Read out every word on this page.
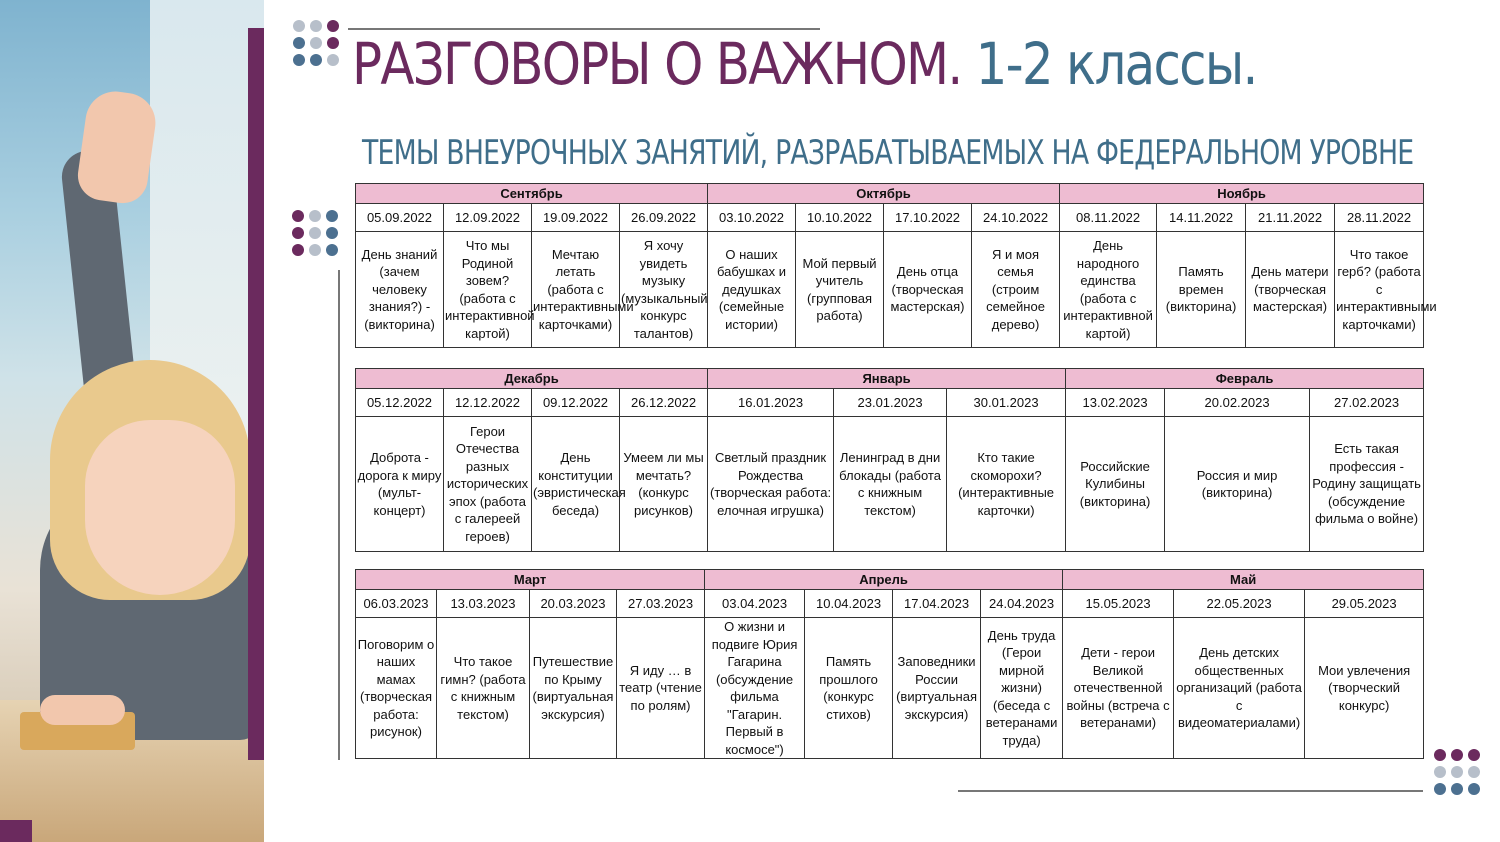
РАЗГОВОРЫ О ВАЖНОМ. 1-2 классы.
ТЕМЫ ВНЕУРОЧНЫХ ЗАНЯТИЙ, РАЗРАБАТЫВАЕМЫХ НА ФЕДЕРАЛЬНОМ УРОВНЕ
Сентябрь				Октябрь				Ноябрь			
05.09.2022	12.09.2022	19.09.2022	26.09.2022	03.10.2022	10.10.2022	17.10.2022	24.10.2022	08.11.2022	14.11.2022	21.11.2022	28.11.2022
День знаний (зачем человеку знания?) - (викторина)	Что мы Родиной зовем? (работа с интерактивной картой)	Мечтаю летать (работа с интерактивными карточками)	Я хочу увидеть музыку (музыкальный конкурс талантов)	О наших бабушках и дедушках (семейные истории)	Мой первый учитель (групповая работа)	День отца (творческая мастерская)	Я и моя семья (строим семейное дерево)	День народного единства (работа с интерактивной картой)	Память времен (викторина)	День матери (творческая мастерская)	Что такое герб? (работа с интерактивными карточками)
Декабрь				Январь			Февраль		
05.12.2022	12.12.2022	09.12.2022	26.12.2022	16.01.2023	23.01.2023	30.01.2023	13.02.2023	20.02.2023	27.02.2023
Доброта - дорога к миру (мульт-концерт)	Герои Отечества разных исторических эпох (работа с галереей героев)	День конституции (эвристическая беседа)	Умеем ли мы мечтать? (конкурс рисунков)	Светлый праздник Рождества (творческая работа: елочная игрушка)	Ленинград в дни блокады (работа с книжным текстом)	Кто такие скоморохи? (интерактивные карточки)	Российские Кулибины (викторина)	Россия и мир (викторина)	Есть такая профессия - Родину защищать (обсуждение фильма о войне)
Март				Апрель				Май		
06.03.2023	13.03.2023	20.03.2023	27.03.2023	03.04.2023	10.04.2023	17.04.2023	24.04.2023	15.05.2023	22.05.2023	29.05.2023
Поговорим о наших мамах (творческая работа: рисунок)	Что такое гимн? (работа с книжным текстом)	Путешествие по Крыму (виртуальная экскурсия)	Я иду … в театр (чтение по ролям)	О жизни и подвиге Юрия Гагарина (обсуждение фильма "Гагарин. Первый в космосе")	Память прошлого (конкурс стихов)	Заповедники России (виртуальная экскурсия)	День труда (Герои мирной жизни) (беседа с ветеранами труда)	Дети - герои Великой отечественной войны (встреча с ветеранами)	День детских общественных организаций (работа с видеоматериалами)	Мои увлечения (творческий конкурс)
